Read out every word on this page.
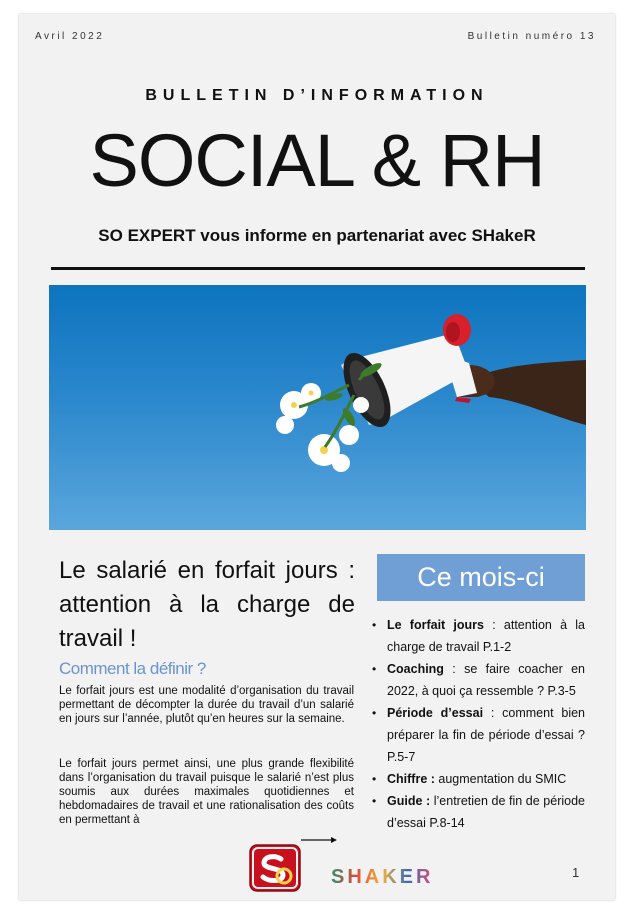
Avril 2022	Bulletin numéro 13
BULLETIN D’INFORMATION
SOCIAL & RH
SO EXPERT vous informe en partenariat avec SHakeR
Le salarié en forfait jours : attention à la charge de travail !
Comment la définir ?

Le forfait jours est une modalité d’organisation du travail permettant de décompter la durée du travail d’un salarié en jours sur l’année, plutôt qu’en heures sur la semaine.

Le forfait jours permet ainsi, une plus grande flexibilité dans l’organisation du travail puisque le salarié n’est plus soumis aux durées maximales quotidiennes et hebdomadaires de travail et une rationalisation des coûts en permettant à

Ce mois-ci
• Le forfait jours : attention à la charge de travail P.1-2
• Coaching : se faire coacher en 2022, à quoi ça ressemble ? P.3-5
• Période d’essai : comment bien préparer la fin de période d’essai ? P.5-7
• Chiffre : augmentation du SMIC
• Guide : l’entretien de fin de période d’essai P.8-14
SHAKER	1
